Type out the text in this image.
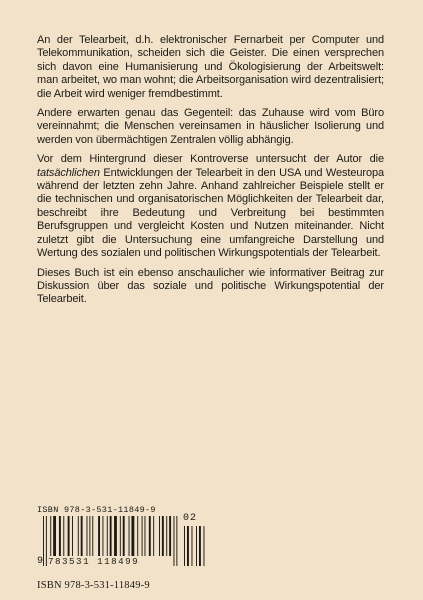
An der Telearbeit, d.h. elektronischer Fernarbeit per Computer und Telekommunikation, scheiden sich die Geister. Die einen versprechen sich davon eine Humanisierung und Ökologisierung der Arbeitswelt: man arbeitet, wo man wohnt; die Arbeitsorganisation wird dezentralisiert; die Arbeit wird weniger fremdbestimmt.

Andere erwarten genau das Gegenteil: das Zuhause wird vom Büro vereinnahmt; die Menschen vereinsamen in häuslicher Isolierung und werden von übermächtigen Zentralen völlig abhängig.

Vor dem Hintergrund dieser Kontroverse untersucht der Autor die tatsächlichen Entwicklungen der Telearbeit in den USA und Westeuropa während der letzten zehn Jahre. Anhand zahlreicher Beispiele stellt er die technischen und organisatorischen Möglichkeiten der Telearbeit dar, beschreibt ihre Bedeutung und Verbreitung bei bestimmten Berufsgruppen und vergleicht Kosten und Nutzen miteinander. Nicht zuletzt gibt die Untersuchung eine umfangreiche Darstellung und Wertung des sozialen und politischen Wirkungspotentials der Telearbeit.

Dieses Buch ist ein ebenso anschaulicher wie informativer Beitrag zur Diskussion über das soziale und politische Wirkungspotential der Telearbeit.

ISBN 978-3-531-11849-9
9 783531 118499
02
ISBN 978-3-531-11849-9
